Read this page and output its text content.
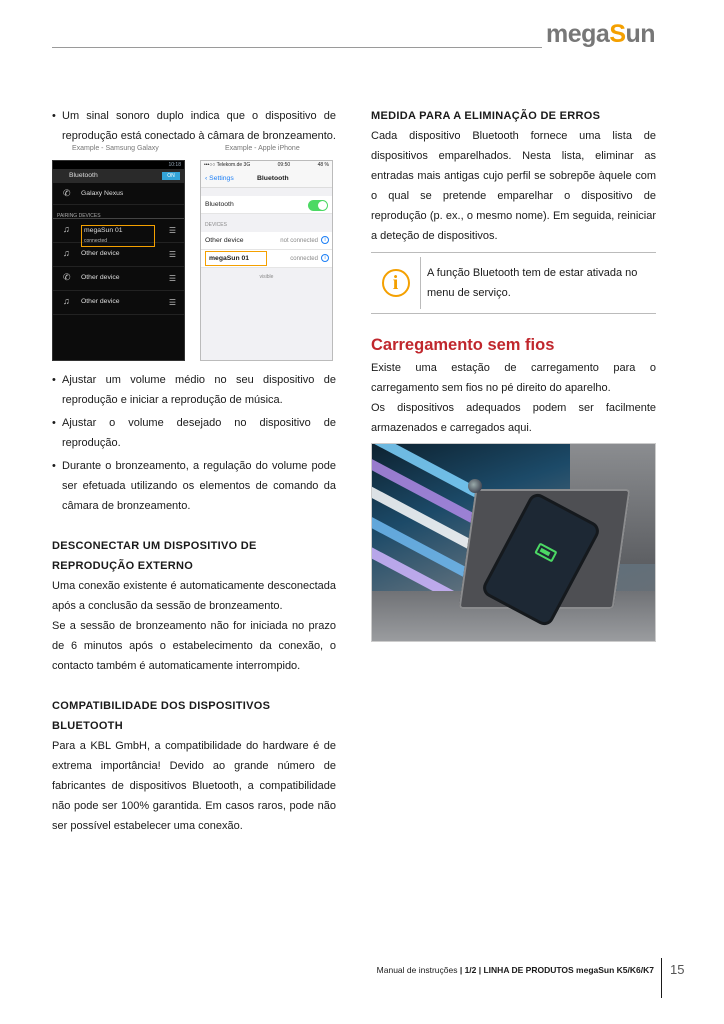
megaSun
• Um sinal sonoro duplo indica que o dispositivo de reprodução está conectado à câmara de bronzeamento.
Example - Samsung Galaxy	Example - Apple iPhone
10:18
Bluetooth	ON
✆ Galaxy Nexus
PAIRING DEVICES
♫	megaSun 01
connected
☰
♫	Other device	☰
✆ Other device	☰
♫	Other device	☰
•••○○ Telekom.de 3G	09:50	48 %
‹ Settings	Bluetooth
Bluetooth
DEVICES
Other device	not connected	i
megaSun 01	connected	i
visible
• Ajustar um volume médio no seu dispositivo de reprodução e iniciar a reprodução de música.
• Ajustar o volume desejado no dispositivo de reprodução.
• Durante o bronzeamento, a regulação do volume pode ser efetuada utilizando os elementos de comando da câmara de bronzeamento.
DESCONECTAR UM DISPOSITIVO DE REPRODUÇÃO EXTERNO

Uma conexão existente é automaticamente desconectada após a conclusão da sessão de bronzeamento.

Se a sessão de bronzeamento não for iniciada no prazo de 6 minutos após o estabelecimento da conexão, o contacto também é automaticamente interrompido.

COMPATIBILIDADE DOS DISPOSITIVOS BLUETOOTH

Para a KBL GmbH, a compatibilidade do hardware é de extrema importância! Devido ao grande número de fabricantes de dispositivos Bluetooth, a compatibilidade não pode ser 100% garantida. Em casos raros, pode não ser possível estabelecer uma conexão.

MEDIDA PARA A ELIMINAÇÃO DE ERROS

Cada dispositivo Bluetooth fornece uma lista de dispositivos emparelhados. Nesta lista, eliminar as entradas mais antigas cujo perfil se sobrepõe àquele com o qual se pretende emparelhar o dispositivo de reprodução (p. ex., o mesmo nome). Em seguida, reiniciar a deteção de dispositivos.

i	A função Bluetooth tem de estar ativada no menu de serviço.
Carregamento sem fios

Existe uma estação de carregamento para o carregamento sem fios no pé direito do aparelho.

Os dispositivos adequados podem ser facilmente armazenados e carregados aqui.

Manual de instruções | 1/2 | LINHA DE PRODUTOS megaSun K5/K6/K7 15
